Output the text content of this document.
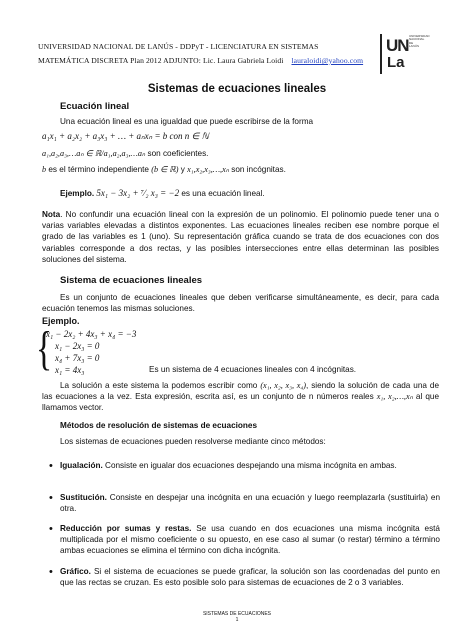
UNIVERSIDAD NACIONAL DE LANÚS - DDPyT - LICENCIATURA EN SISTEMAS
MATEMÁTICA DISCRETA Plan 2012 ADJUNTO: Lic. Laura Gabriela Loidi lauraloidi@yahoo.com
UN
La
UNIVERSIDAD NACIONAL DE LANÚS
Sistemas de ecuaciones lineales
Ecuación lineal
Una ecuación lineal es una igualdad que puede escribirse de la forma
a₁x₁ + a₂x₂ + a₃x₃ + … + aₙxₙ = b con n ∈ ℕ
a₁,a₂,a₃,…aₙ ∈ ℝ/a₁,a₂,a₃,…aₙ son coeficientes.
b es el término independiente (b ∈ ℝ) y x₁,x₂,x₃,…,xₙ son incógnitas.
Ejemplo. 5x₁ − 3x₂ + ⁷⁄₂ x₃ = −2 es una ecuación lineal.
Nota. No confundir una ecuación lineal con la expresión de un polinomio. El polinomio puede tener una o varias variables elevadas a distintos exponentes. Las ecuaciones lineales reciben ese nombre porque el grado de las variables es 1 (uno). Su representación gráfica cuando se trata de dos ecuaciones con dos variables corresponde a dos rectas, y las posibles intersecciones entre ellas determinan las posibles soluciones del sistema.
Sistema de ecuaciones lineales
Es un conjunto de ecuaciones lineales que deben verificarse simultáneamente, es decir, para cada ecuación tenemos las mismas soluciones.
Ejemplo.
{
x₁ − 2x₂ + 4x₃ + x₄ = −3
x₁ − 2x₃ = 0
x₄ + 7x₃ = 0
x₁ = 4x₃	Es un sistema de 4 ecuaciones lineales con 4 incógnitas.
La solución a este sistema la podemos escribir como (x₁, x₂, x₃, x₄), siendo la solución de cada una de las ecuaciones a la vez. Esta expresión, escrita así, es un conjunto de n números reales x₁, x₂,…,xₙ al que llamamos vector.
Métodos de resolución de sistemas de ecuaciones
Los sistemas de ecuaciones pueden resolverse mediante cinco métodos:
• Igualación. Consiste en igualar dos ecuaciones despejando una misma incógnita en ambas.
• Sustitución. Consiste en despejar una incógnita en una ecuación y luego reemplazarla (sustituirla) en otra.
• Reducción por sumas y restas. Se usa cuando en dos ecuaciones una misma incógnita está multiplicada por el mismo coeficiente o su opuesto, en ese caso al sumar (o restar) término a término ambas ecuaciones se elimina el término con dicha incógnita.
• Gráfico. Si el sistema de ecuaciones se puede graficar, la solución son las coordenadas del punto en que las rectas se cruzan. Es esto posible solo para sistemas de ecuaciones de 2 o 3 variables.
SISTEMAS DE ECUACIONES
1
